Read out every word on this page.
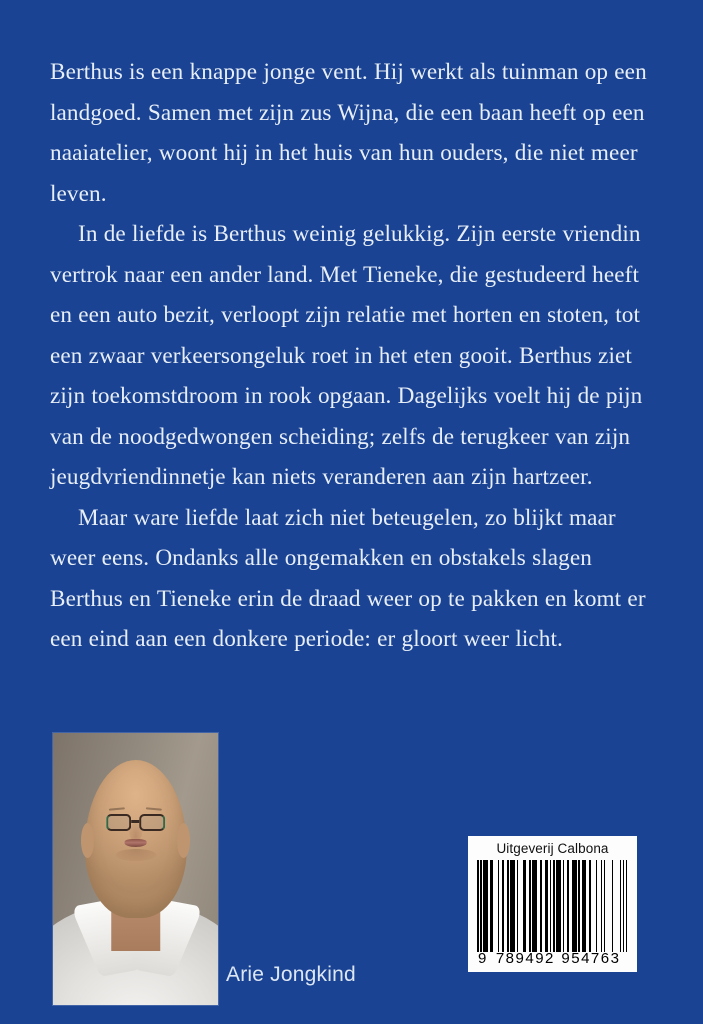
Berthus is een knappe jonge vent. Hij werkt als tuinman op een landgoed. Samen met zijn zus Wijna, die een baan heeft op een naaiatelier, woont hij in het huis van hun ouders, die niet meer leven.

In de liefde is Berthus weinig gelukkig. Zijn eerste vriendin vertrok naar een ander land. Met Tieneke, die gestudeerd heeft en een auto bezit, verloopt zijn relatie met horten en stoten, tot een zwaar verkeersongeluk roet in het eten gooit. Berthus ziet zijn toekomstdroom in rook opgaan. Dagelijks voelt hij de pijn van de noodgedwongen scheiding; zelfs de terugkeer van zijn jeugdvriendinnetje kan niets veranderen aan zijn hartzeer.

Maar ware liefde laat zich niet beteugelen, zo blijkt maar weer eens. Ondanks alle ongemakken en obstakels slagen Berthus en Tieneke erin de draad weer op te pakken en komt er een eind aan een donkere periode: er gloort weer licht.

Arie Jongkind
Uitgeverij Calbona
9 789492 954763
